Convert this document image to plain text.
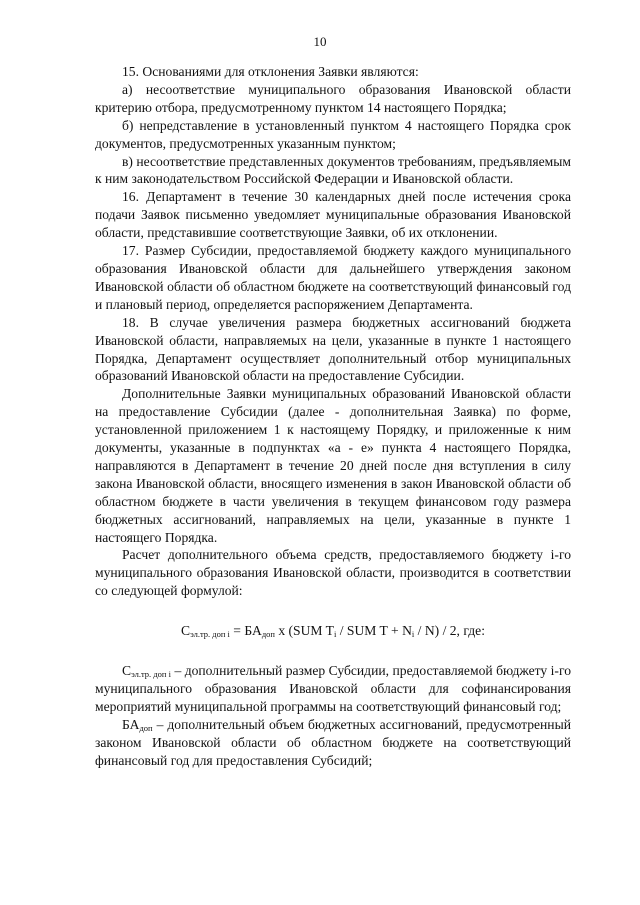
10

15. Основаниями для отклонения Заявки являются:

а) несоответствие муниципального образования Ивановской области критерию отбора, предусмотренному пунктом 14 настоящего Порядка;

б) непредставление в установленный пунктом 4 настоящего Порядка срок документов, предусмотренных указанным пунктом;

в) несоответствие представленных документов требованиям, предъявляемым к ним законодательством Российской Федерации и Ивановской области.

16. Департамент в течение 30 календарных дней после истечения срока подачи Заявок письменно уведомляет муниципальные образования Ивановской области, представившие соответствующие Заявки, об их отклонении.

17. Размер Субсидии, предоставляемой бюджету каждого муниципального образования Ивановской области для дальнейшего утверждения законом Ивановской области об областном бюджете на соответствующий финансовый год и плановый период, определяется распоряжением Департамента.

18. В случае увеличения размера бюджетных ассигнований бюджета Ивановской области, направляемых на цели, указанные в пункте 1 настоящего Порядка, Департамент осуществляет дополнительный отбор муниципальных образований Ивановской области на предоставление Субсидии.

Дополнительные Заявки муниципальных образований Ивановской области на предоставление Субсидии (далее - дополнительная Заявка) по форме, установленной приложением 1 к настоящему Порядку, и приложенные к ним документы, указанные в подпунктах «а - е» пункта 4 настоящего Порядка, направляются в Департамент в течение 20 дней после дня вступления в силу закона Ивановской области, вносящего изменения в закон Ивановской области об областном бюджете в части увеличения в текущем финансовом году размера бюджетных ассигнований, направляемых на цели, указанные в пункте 1 настоящего Порядка.

Расчет дополнительного объема средств, предоставляемого бюджету i-го муниципального образования Ивановской области, производится в соответствии со следующей формулой:

$С_{эл.тр. доп i} = БА_{доп}$ x (SUM $T_i$ / SUM $T + N_i / N) / 2$, где:

$С_{эл.тр. доп i}$ – дополнительный размер Субсидии, предоставляемой бюджету i-го муниципального образования Ивановской области для софинансирования мероприятий муниципальной программы на соответствующий финансовый год;

$БА_{доп}$ – дополнительный объем бюджетных ассигнований, предусмотренный законом Ивановской области об областном бюджете на соответствующий финансовый год для предоставления Субсидий;
